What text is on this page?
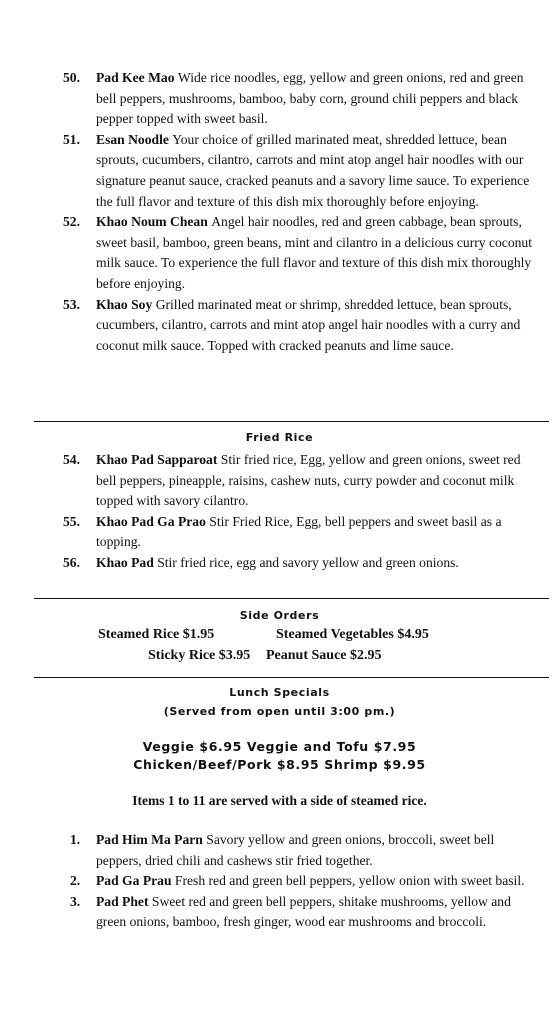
50. Pad Kee Mao Wide rice noodles, egg, yellow and green onions, red and green bell peppers, mushrooms, bamboo, baby corn, ground chili peppers and black pepper topped with sweet basil.
51. Esan Noodle Your choice of grilled marinated meat, shredded lettuce, bean sprouts, cucumbers, cilantro, carrots and mint atop angel hair noodles with our signature peanut sauce, cracked peanuts and a savory lime sauce. To experience the full flavor and texture of this dish mix thoroughly before enjoying.
52. Khao Noum Chean Angel hair noodles, red and green cabbage, bean sprouts, sweet basil, bamboo, green beans, mint and cilantro in a delicious curry coconut milk sauce. To experience the full flavor and texture of this dish mix thoroughly before enjoying.
53. Khao Soy Grilled marinated meat or shrimp, shredded lettuce, bean sprouts, cucumbers, cilantro, carrots and mint atop angel hair noodles with a curry and coconut milk sauce. Topped with cracked peanuts and lime sauce.
Fried Rice
54. Khao Pad Sapparoat Stir fried rice, Egg, yellow and green onions, sweet red bell peppers, pineapple, raisins, cashew nuts, curry powder and coconut milk topped with savory cilantro.
55. Khao Pad Ga Prao Stir Fried Rice, Egg, bell peppers and sweet basil as a topping.
56. Khao Pad Stir fried rice, egg and savory yellow and green onions.
Side Orders
Steamed Rice $1.95	Steamed Vegetables $4.95
Sticky Rice $3.95 Peanut Sauce $2.95
Lunch Specials
(Served from open until 3:00 pm.)
Veggie $6.95 Veggie and Tofu $7.95
Chicken/Beef/Pork $8.95 Shrimp $9.95
Items 1 to 11 are served with a side of steamed rice.
1. Pad Him Ma Parn Savory yellow and green onions, broccoli, sweet bell peppers, dried chili and cashews stir fried together.
2. Pad Ga Prau Fresh red and green bell peppers, yellow onion with sweet basil.
3. Pad Phet Sweet red and green bell peppers, shitake mushrooms, yellow and green onions, bamboo, fresh ginger, wood ear mushrooms and broccoli.
